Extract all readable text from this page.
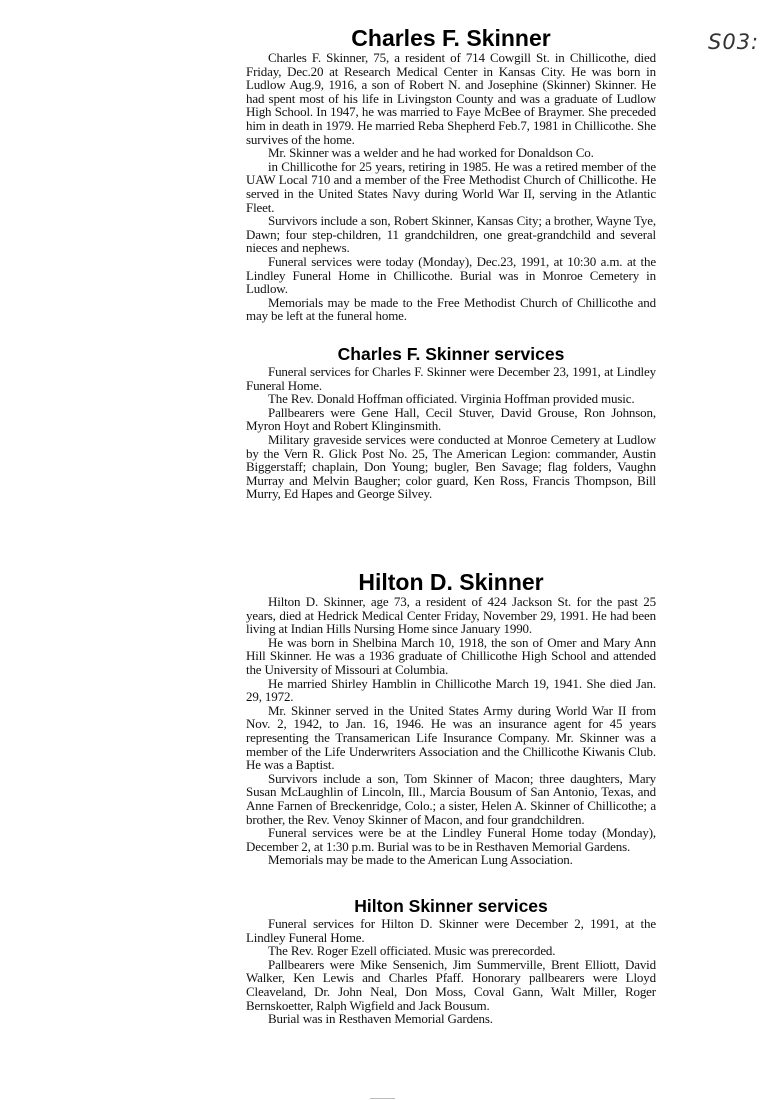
S03:
Charles F. Skinner

Charles F. Skinner, 75, a resident of 714 Cowgill St. in Chillicothe, died Friday, Dec.20 at Research Medical Center in Kansas City. He was born in Ludlow Aug.9, 1916, a son of Robert N. and Josephine (Skinner) Skinner. He had spent most of his life in Livingston County and was a graduate of Ludlow High School. In 1947, he was married to Faye McBee of Braymer. She preceded him in death in 1979. He married Reba Shepherd Feb.7, 1981 in Chillicothe. She survives of the home.

Mr. Skinner was a welder and he had worked for Donaldson Co.

in Chillicothe for 25 years, retiring in 1985. He was a retired member of the UAW Local 710 and a member of the Free Methodist Church of Chillicothe. He served in the United States Navy during World War II, serving in the Atlantic Fleet.

Survivors include a son, Robert Skinner, Kansas City; a brother, Wayne Tye, Dawn; four step-children, 11 grandchildren, one great-grandchild and several nieces and nephews.

Funeral services were today (Monday), Dec.23, 1991, at 10:30 a.m. at the Lindley Funeral Home in Chillicothe. Burial was in Monroe Cemetery in Ludlow.

Memorials may be made to the Free Methodist Church of Chillicothe and may be left at the funeral home.

Charles F. Skinner services

Funeral services for Charles F. Skinner were December 23, 1991, at Lindley Funeral Home.

The Rev. Donald Hoffman officiated. Virginia Hoffman provided music.

Pallbearers were Gene Hall, Cecil Stuver, David Grouse, Ron Johnson, Myron Hoyt and Robert Klinginsmith.

Military graveside services were conducted at Monroe Cemetery at Ludlow by the Vern R. Glick Post No. 25, The American Legion: commander, Austin Biggerstaff; chaplain, Don Young; bugler, Ben Savage; flag folders, Vaughn Murray and Melvin Baugher; color guard, Ken Ross, Francis Thompson, Bill Murry, Ed Hapes and George Silvey.

Hilton D. Skinner

Hilton D. Skinner, age 73, a resident of 424 Jackson St. for the past 25 years, died at Hedrick Medical Center Friday, November 29, 1991. He had been living at Indian Hills Nursing Home since January 1990.

He was born in Shelbina March 10, 1918, the son of Omer and Mary Ann Hill Skinner. He was a 1936 graduate of Chillicothe High School and attended the University of Missouri at Columbia.

He married Shirley Hamblin in Chillicothe March 19, 1941. She died Jan. 29, 1972.

Mr. Skinner served in the United States Army during World War II from Nov. 2, 1942, to Jan. 16, 1946. He was an insurance agent for 45 years representing the Transamerican Life Insurance Company. Mr. Skinner was a member of the Life Underwriters Association and the Chillicothe Kiwanis Club. He was a Baptist.

Survivors include a son, Tom Skinner of Macon; three daughters, Mary Susan McLaughlin of Lincoln, Ill., Marcia Bousum of San Antonio, Texas, and Anne Farnen of Breckenridge, Colo.; a sister, Helen A. Skinner of Chillicothe; a brother, the Rev. Venoy Skinner of Macon, and four grandchildren.

Funeral services were be at the Lindley Funeral Home today (Monday), December 2, at 1:30 p.m. Burial was to be in Resthaven Memorial Gardens.

Memorials may be made to the American Lung Association.

Hilton Skinner services

Funeral services for Hilton D. Skinner were December 2, 1991, at the Lindley Funeral Home.

The Rev. Roger Ezell officiated. Music was prerecorded.

Pallbearers were Mike Sensenich, Jim Summerville, Brent Elliott, David Walker, Ken Lewis and Charles Pfaff. Honorary pallbearers were Lloyd Cleaveland, Dr. John Neal, Don Moss, Coval Gann, Walt Miller, Roger Bernskoetter, Ralph Wigfield and Jack Bousum.

Burial was in Resthaven Memorial Gardens.
